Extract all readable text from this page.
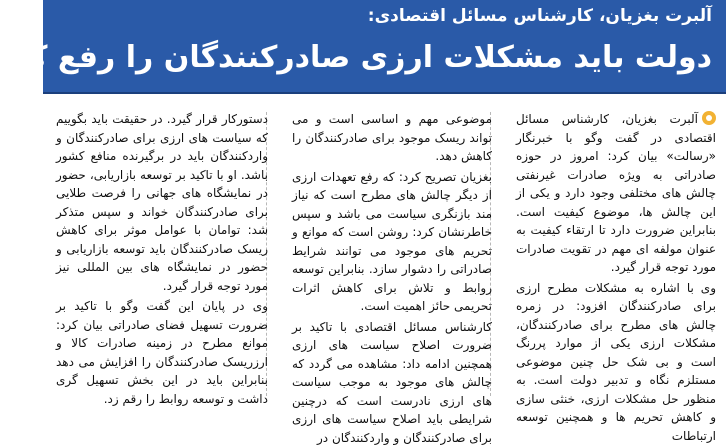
آلبرت بغزیان، کارشناس مسائل اقتصادی:
دولت باید مشکلات ارزی صادرکنندگان را رفع کند

آلبرت بغزیان، کارشناس مسائل اقتصادی در گفت وگو با خبرنگار «رسالت» بیان کرد: امروز در حوزه صادراتی به ویژه صادرات غیرنفتی چالش های مختلفی وجود دارد و یکی از این چالش ها، موضوع کیفیت است. بنابراین ضرورت دارد تا ارتقاء کیفیت به عنوان مولفه ای مهم در تقویت صادرات مورد توجه قرار گیرد.

وی با اشاره به مشکلات مطرح ارزی برای صادرکنندگان افزود: در زمره چالش های مطرح برای صادرکنندگان، مشکلات ارزی یکی از موارد پررنگ است و بی شک حل چنین موضوعی مستلزم نگاه و تدبیر دولت است. به منظور حل مشکلات ارزی، خنثی سازی و کاهش تحریم ها و همچنین توسعه ارتباطات

موضوعی مهم و اساسی است و می تواند ریسک موجود برای صادرکنندگان را کاهش دهد.

بغزیان تصریح کرد: که رفع تعهدات ارزی از دیگر چالش های مطرح است که نیاز مند بازنگری سیاست می باشد و سپس خاطرنشان کرد: روشن است که موانع و تحریم های موجود می توانند شرایط صادراتی را دشوار سازد. بنابراین توسعه روابط و تلاش برای کاهش اثرات تحریمی حائز اهمیت است.

کارشناس مسائل اقتصادی با تاکید بر ضرورت اصلاح سیاست های ارزی همچنین ادامه داد: مشاهده می گردد که چالش های موجود به موجب سیاست های ارزی نادرست است که درچنین شرایطی باید اصلاح سیاست های ارزی برای صادرکنندگان و واردکنندگان در

دستورکار قرار گیرد. در حقیقت باید بگوییم که سیاست های ارزی برای صادرکنندگان و واردکنندگان باید در برگیرنده منافع کشور باشد. او با تاکید بر توسعه بازاریابی، حضور در نمایشگاه های جهانی را فرصت طلایی برای صادرکنندگان خواند و سپس متذکر شد: توامان با عوامل موثر برای کاهش ریسک صادرکنندگان باید توسعه بازاریابی و حضور در نمایشگاه های بین المللی نیز مورد توجه قرار گیرد.

وی در پایان این گفت وگو با تاکید بر ضرورت تسهیل فضای صادراتی بیان کرد: موانع مطرح در زمینه صادرات کالا و ارزریسک صادرکنندگان را افزایش می دهد بنابراین باید در این بخش تسهیل گری داشت و توسعه روابط را رقم زد.
